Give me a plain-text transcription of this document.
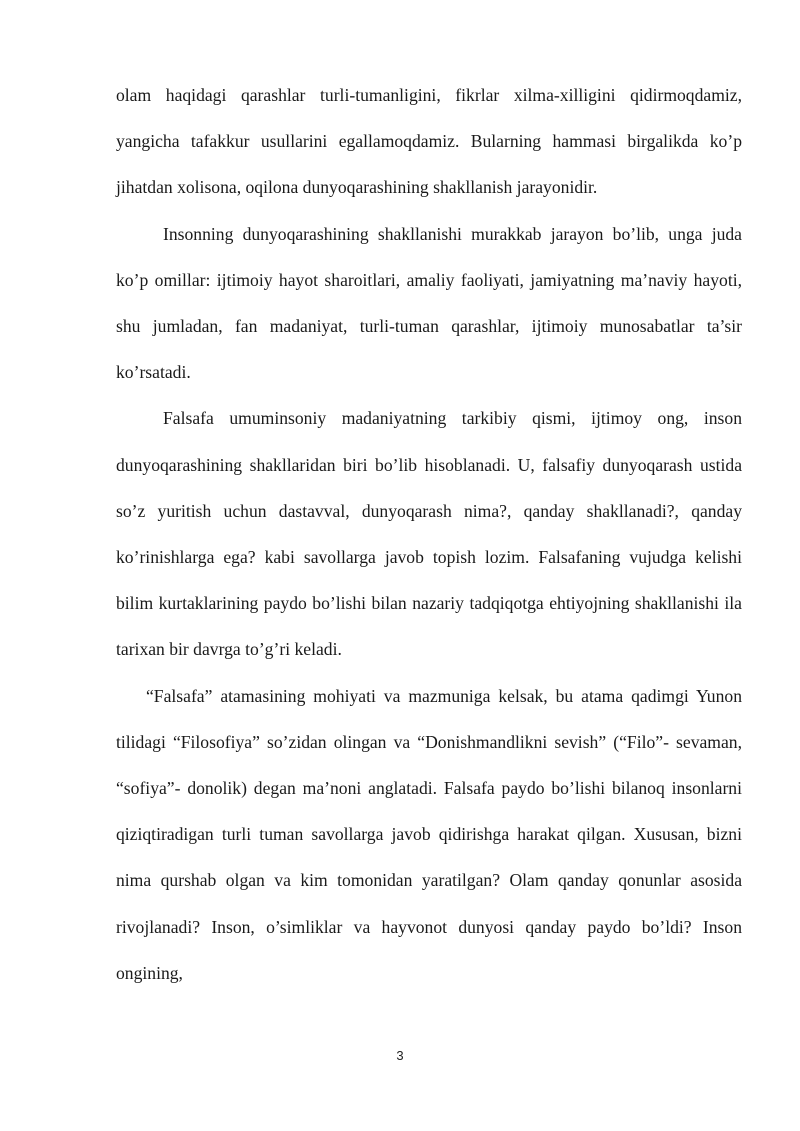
olam haqidagi qarashlar turli-tumanligini, fikrlar xilma-xilligini qidirmoqdamiz, yangicha tafakkur usullarini egallamoqdamiz. Bularning hammasi birgalikda ko’p jihatdan xolisona, oqilona dunyoqarashining shakllanish jarayonidir.

Insonning dunyoqarashining shakllanishi murakkab jarayon bo’lib, unga juda ko’p omillar: ijtimoiy hayot sharoitlari, amaliy faoliyati, jamiyatning ma’naviy hayoti, shu jumladan, fan madaniyat, turli-tuman qarashlar, ijtimoiy munosabatlar ta’sir ko’rsatadi.

Falsafa umuminsoniy madaniyatning tarkibiy qismi, ijtimoy ong, inson dunyoqarashining shakllaridan biri bo’lib hisoblanadi. U, falsafiy dunyoqarash ustida so’z yuritish uchun dastavval, dunyoqarash nima?, qanday shakllanadi?, qanday ko’rinishlarga ega? kabi savollarga javob topish lozim. Falsafaning vujudga kelishi bilim kurtaklarining paydo bo’lishi bilan nazariy tadqiqotga ehtiyojning shakllanishi ila tarixan bir davrga to’g’ri keladi.

“Falsafa” atamasining mohiyati va mazmuniga kelsak, bu atama qadimgi Yunon tilidagi “Filosofiya” so’zidan olingan va “Donishmandlikni sevish” (“Filo”- sevaman, “sofiya”- donolik) degan ma’noni anglatadi. Falsafa paydo bo’lishi bilanoq insonlarni qiziqtiradigan turli tuman savollarga javob qidirishga harakat qilgan. Xususan, bizni nima qurshab olgan va kim tomonidan yaratilgan? Olam qanday qonunlar asosida rivojlanadi? Inson, o’simliklar va hayvonot dunyosi qanday paydo bo’ldi? Inson ongining,

3
